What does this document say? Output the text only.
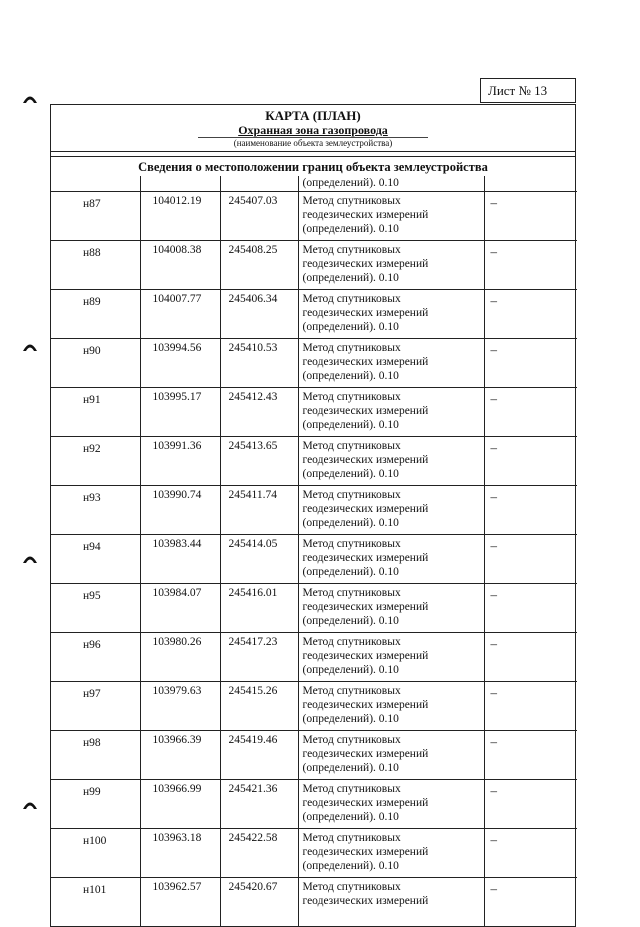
Лист № 13
КАРТА (ПЛАН)
Охранная зона газопровода
(наименование объекта землеустройства)
Сведения о местоположении границ объекта землеустройства
			(определений). 0.10	

н87	104012.19	245407.03	Метод спутниковых
геодезических измерений
(определений). 0.10	–

н88	104008.38	245408.25	Метод спутниковых
геодезических измерений
(определений). 0.10	–

н89	104007.77	245406.34	Метод спутниковых
геодезических измерений
(определений). 0.10	–

н90	103994.56	245410.53	Метод спутниковых
геодезических измерений
(определений). 0.10	–

н91	103995.17	245412.43	Метод спутниковых
геодезических измерений
(определений). 0.10	–

н92	103991.36	245413.65	Метод спутниковых
геодезических измерений
(определений). 0.10	–

н93	103990.74	245411.74	Метод спутниковых
геодезических измерений
(определений). 0.10	–

н94	103983.44	245414.05	Метод спутниковых
геодезических измерений
(определений). 0.10	–

н95	103984.07	245416.01	Метод спутниковых
геодезических измерений
(определений). 0.10	–

н96	103980.26	245417.23	Метод спутниковых
геодезических измерений
(определений). 0.10	–

н97	103979.63	245415.26	Метод спутниковых
геодезических измерений
(определений). 0.10	–

н98	103966.39	245419.46	Метод спутниковых
геодезических измерений
(определений). 0.10	–

н99	103966.99	245421.36	Метод спутниковых
геодезических измерений
(определений). 0.10	–

н100	103963.18	245422.58	Метод спутниковых
геодезических измерений
(определений). 0.10	–

н101	103962.57	245420.67	Метод спутниковых
геодезических измерений	–
